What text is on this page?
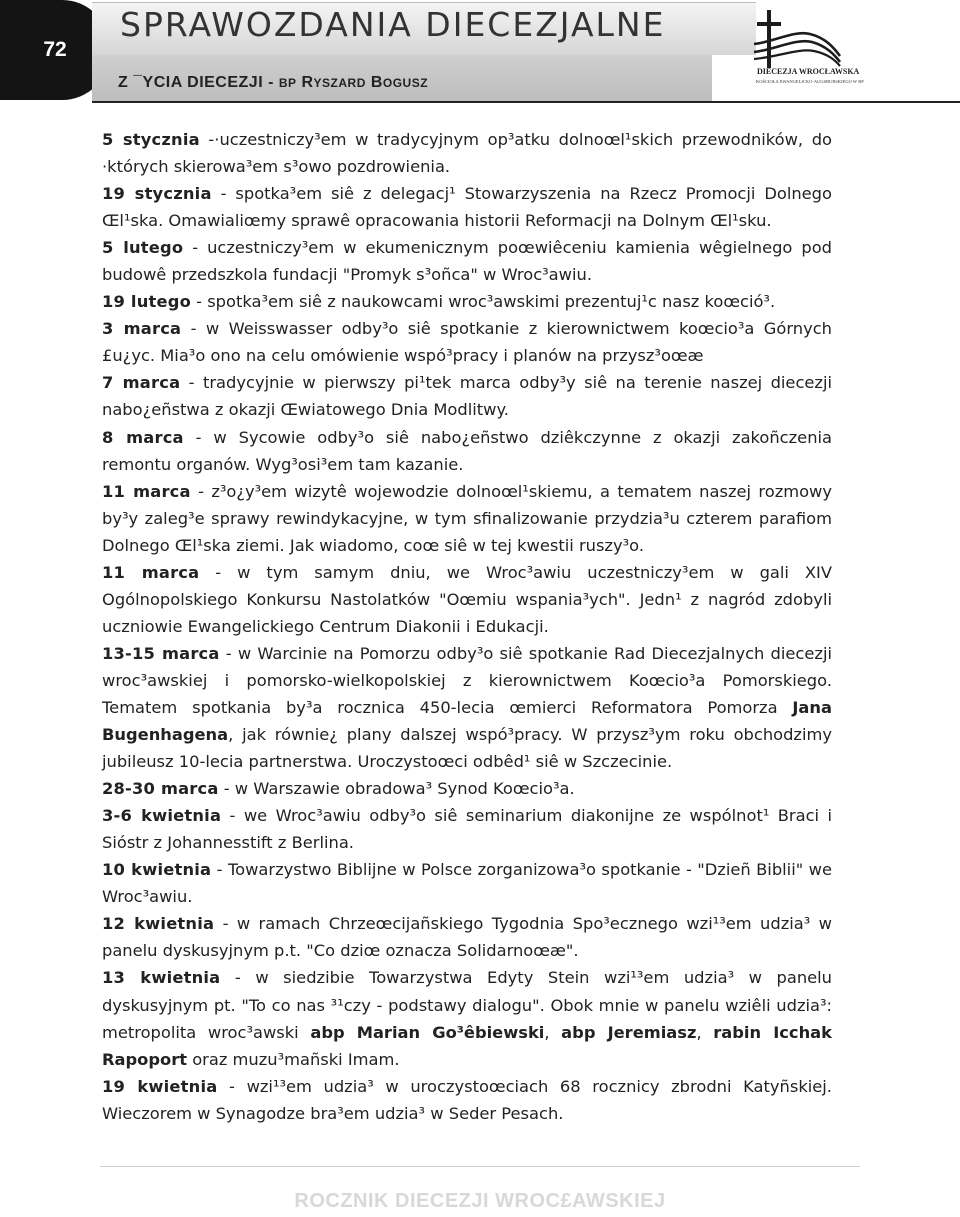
72
SPRAWOZDANIA DIECEZJALNE
Z ¯YCIA DIECEZJI - BP RYSZARD BOGUSZ
DIECEZJA WROCŁAWSKA
KOŚCIOŁA EWANGELICKO-AUGSBURSKIEGO W RP

5 stycznia -·uczestniczy³em w tradycyjnym op³atku dolnoœl¹skich przewodników, do ·których skierowa³em s³owo pozdrowienia.

19 stycznia - spotka³em siê z delegacj¹ Stowarzyszenia na Rzecz Promocji Dolnego Œl¹ska. Omawialiœmy sprawê opracowania historii Reformacji na Dolnym Œl¹sku.

5 lutego - uczestniczy³em w ekumenicznym poœwiêceniu kamienia wêgielnego pod budowê przedszkola fundacji "Promyk s³oñca" w Wroc³awiu.

19 lutego - spotka³em siê z naukowcami wroc³awskimi prezentuj¹c nasz koœció³.

3 marca - w Weisswasser odby³o siê spotkanie z kierownictwem koœcio³a Górnych £u¿yc. Mia³o ono na celu omówienie wspó³pracy i planów na przysz³oœæ

7 marca - tradycyjnie w pierwszy pi¹tek marca odby³y siê na terenie naszej diecezji nabo¿eñstwa z okazji Œwiatowego Dnia Modlitwy.

8 marca - w Sycowie odby³o siê nabo¿eñstwo dziêkczynne z okazji zakoñczenia remontu organów. Wyg³osi³em tam kazanie.

11 marca - z³o¿y³em wizytê wojewodzie dolnoœl¹skiemu, a tematem naszej rozmowy by³y zaleg³e sprawy rewindykacyjne, w tym sfinalizowanie przydzia³u czterem parafiom Dolnego Œl¹ska ziemi. Jak wiadomo, coœ siê w tej kwestii ruszy³o.

11 marca - w tym samym dniu, we Wroc³awiu uczestniczy³em w gali XIV Ogólnopolskiego Konkursu Nastolatków "Oœmiu wspania³ych". Jedn¹ z nagród zdobyli uczniowie Ewangelickiego Centrum Diakonii i Edukacji.

13-15 marca - w Warcinie na Pomorzu odby³o siê spotkanie Rad Diecezjalnych diecezji wroc³awskiej i pomorsko-wielkopolskiej z kierownictwem Koœcio³a Pomorskiego. Tematem spotkania by³a rocznica 450-lecia œmierci Reformatora Pomorza Jana Bugenhagena, jak równie¿ plany dalszej wspó³pracy. W przysz³ym roku obchodzimy jubileusz 10-lecia partnerstwa. Uroczystoœci odbêd¹ siê w Szczecinie.

28-30 marca - w Warszawie obradowa³ Synod Koœcio³a.

3-6 kwietnia - we Wroc³awiu odby³o siê seminarium diakonijne ze wspólnot¹ Braci i Sióstr z Johannesstift z Berlina.

10 kwietnia - Towarzystwo Biblijne w Polsce zorganizowa³o spotkanie - "Dzieñ Biblii" we Wroc³awiu.

12 kwietnia - w ramach Chrzeœcijañskiego Tygodnia Spo³ecznego wzi¹³em udzia³ w panelu dyskusyjnym p.t. "Co dziœ oznacza Solidarnoœæ".

13 kwietnia - w siedzibie Towarzystwa Edyty Stein wzi¹³em udzia³ w panelu dyskusyjnym pt. "To co nas ³¹czy - podstawy dialogu". Obok mnie w panelu wziêli udzia³: metropolita wroc³awski abp Marian Go³êbiewski, abp Jeremiasz, rabin Icchak Rapoport oraz muzu³mañski Imam.

19 kwietnia - wzi¹³em udzia³ w uroczystoœciach 68 rocznicy zbrodni Katyñskiej. Wieczorem w Synagodze bra³em udzia³ w Seder Pesach.

ROCZNIK DIECEZJI WROC£AWSKIEJ
